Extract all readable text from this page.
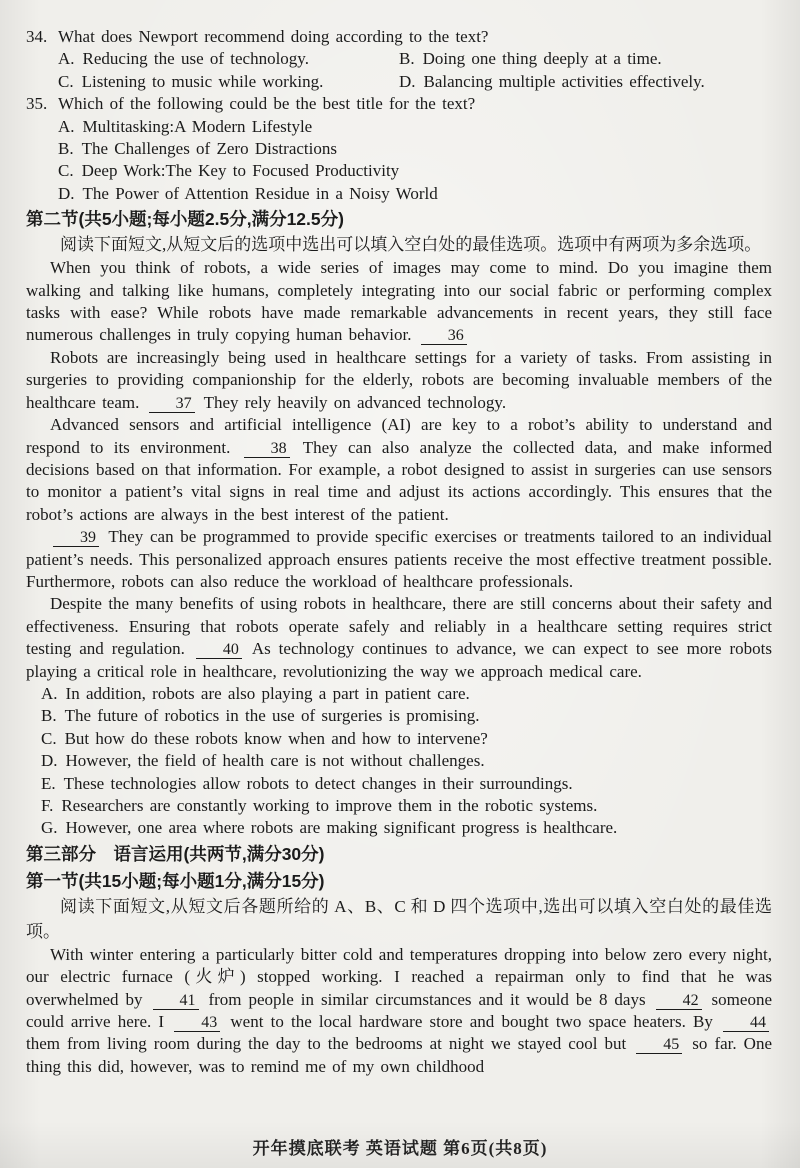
34. What does Newport recommend doing according to the text?
A. Reducing the use of technology.	B. Doing one thing deeply at a time.
C. Listening to music while working.	D. Balancing multiple activities effectively.
35. Which of the following could be the best title for the text?
A. Multitasking:A Modern Lifestyle
B. The Challenges of Zero Distractions
C. Deep Work:The Key to Focused Productivity
D. The Power of Attention Residue in a Noisy World
第二节(共5小题;每小题2.5分,满分12.5分)

阅读下面短文,从短文后的选项中选出可以填入空白处的最佳选项。选项中有两项为多余选项。

When you think of robots, a wide series of images may come to mind. Do you imagine them walking and talking like humans, completely integrating into our social fabric or performing complex tasks with ease? While robots have made remarkable advancements in recent years, they still face numerous challenges in truly copying human behavior. 36

Robots are increasingly being used in healthcare settings for a variety of tasks. From assisting in surgeries to providing companionship for the elderly, robots are becoming invaluable members of the healthcare team. 37 They rely heavily on advanced technology.

Advanced sensors and artificial intelligence (AI) are key to a robot’s ability to understand and respond to its environment. 38 They can also analyze the collected data, and make informed decisions based on that information. For example, a robot designed to assist in surgeries can use sensors to monitor a patient’s vital signs in real time and adjust its actions accordingly. This ensures that the robot’s actions are always in the best interest of the patient.

39 They can be programmed to provide specific exercises or treatments tailored to an individual patient’s needs. This personalized approach ensures patients receive the most effective treatment possible. Furthermore, robots can also reduce the workload of healthcare professionals.

Despite the many benefits of using robots in healthcare, there are still concerns about their safety and effectiveness. Ensuring that robots operate safely and reliably in a healthcare setting requires strict testing and regulation. 40 As technology continues to advance, we can expect to see more robots playing a critical role in healthcare, revolutionizing the way we approach medical care.

A. In addition, robots are also playing a part in patient care.
B. The future of robotics in the use of surgeries is promising.
C. But how do these robots know when and how to intervene?
D. However, the field of health care is not without challenges.
E. These technologies allow robots to detect changes in their surroundings.
F. Researchers are constantly working to improve them in the robotic systems.
G. However, one area where robots are making significant progress is healthcare.
第三部分　语言运用(共两节,满分30分)
第一节(共15小题;每小题1分,满分15分)

阅读下面短文,从短文后各题所给的 A、B、C 和 D 四个选项中,选出可以填入空白处的最佳选项。

With winter entering a particularly bitter cold and temperatures dropping into below zero every night, our electric furnace (火炉) stopped working. I reached a repairman only to find that he was overwhelmed by 41 from people in similar circumstances and it would be 8 days 42 someone could arrive here. I 43 went to the local hardware store and bought two space heaters. By 44 them from living room during the day to the bedrooms at night we stayed cool but 45 so far. One thing this did, however, was to remind me of my own childhood

开年摸底联考 英语试题 第6页(共8页)
